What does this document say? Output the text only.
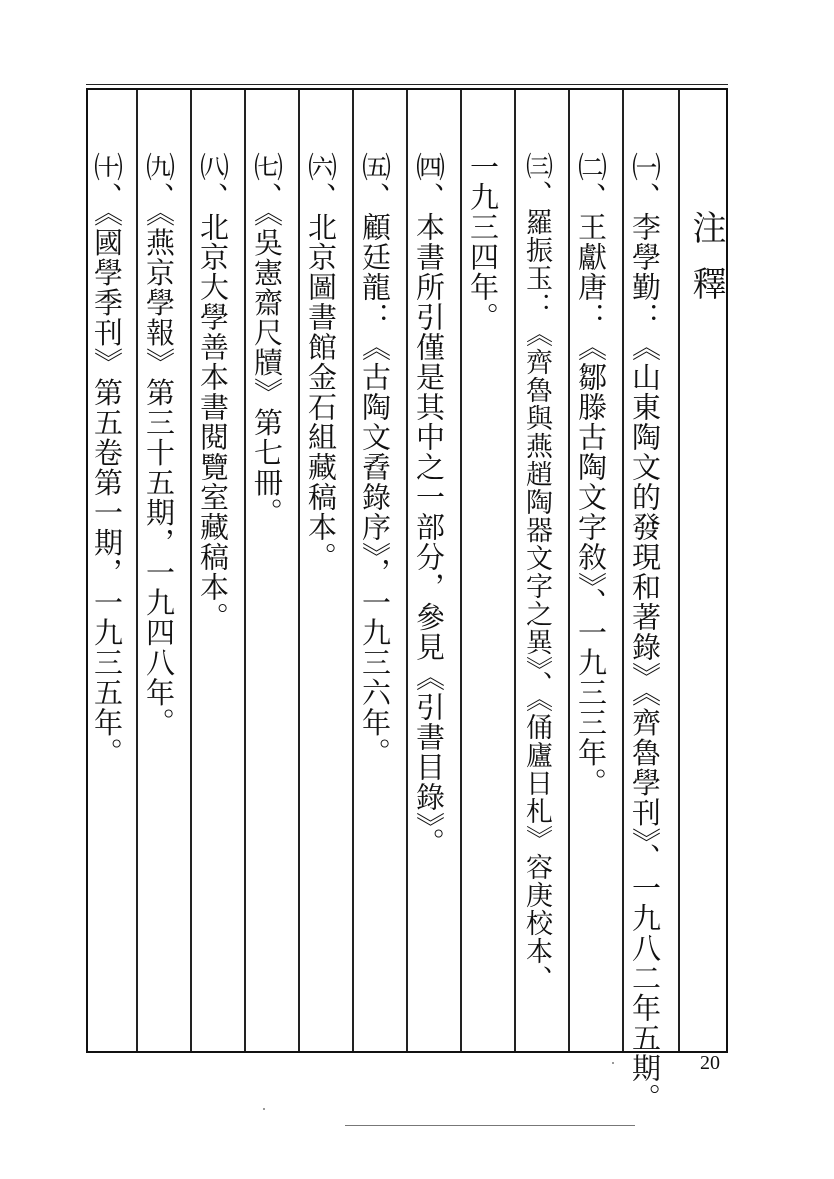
注釋
㈠、李學勤：《山東陶文的發現和著錄》《齊魯學刊》、一九八二年五期。
㈡、王獻唐：《鄒滕古陶文字敘》、一九三三年。
㈢、羅振玉：《齊魯與燕趙陶器文字之異》、《俑廬日札》容庚校本、
一九三四年。
㈣、本書所引僅是其中之一部分，參見《引書目錄》。
㈤、顧廷龍：《古陶文孴錄序》，一九三六年。
㈥、北京圖書館金石組藏稿本。
㈦、《吳憲齋尺牘》第七冊。
㈧、北京大學善本書閱覽室藏稿本。
㈨、《燕京學報》第三十五期，一九四八年。
㈩、《國學季刊》第五卷第一期，一九三五年。
20
